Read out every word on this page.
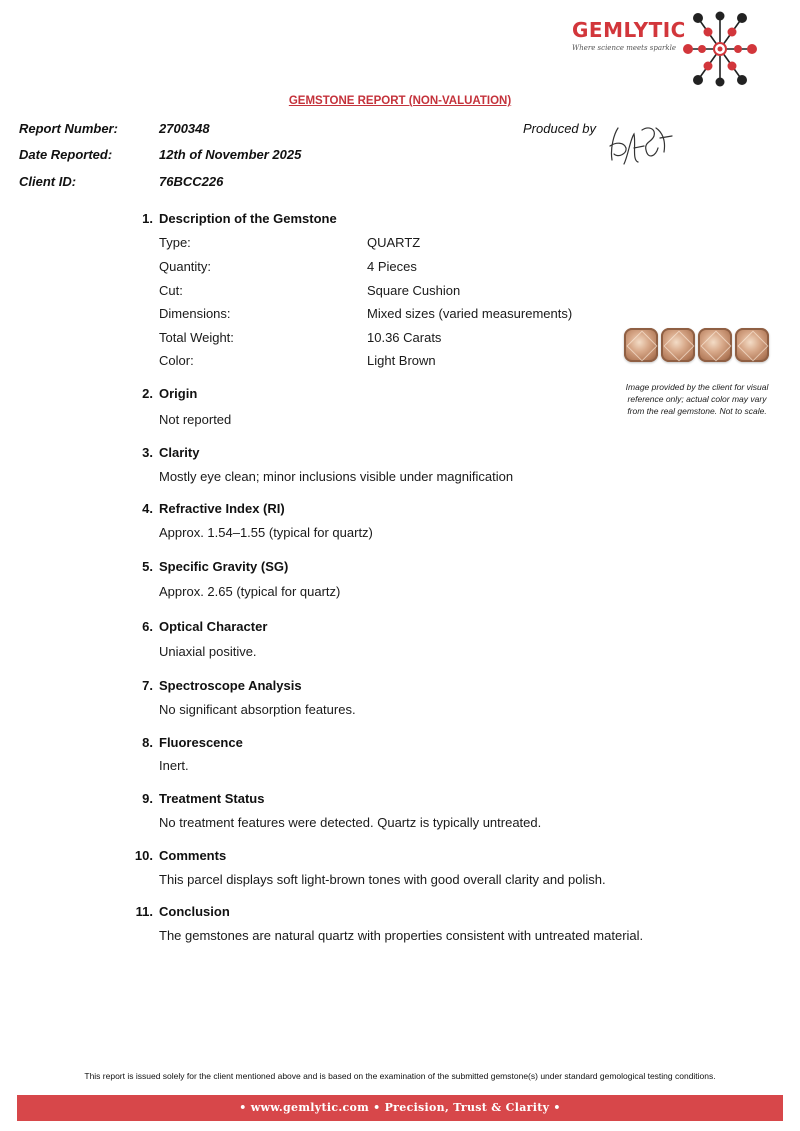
GEMLYTIC
Where science meets sparkle
GEMSTONE REPORT (NON-VALUATION)
Report Number:	2700348
Date Reported:	12th of November 2025
Client ID:	76BCC226
Produced by
1. Description of the Gemstone
Type:	QUARTZ
Quantity:	4 Pieces
Cut:	Square Cushion
Dimensions:	Mixed sizes (varied measurements)
Total Weight:	10.36 Carats
Color:	Light Brown
Image provided by the client for visual
reference only; actual color may vary
from the real gemstone. Not to scale.
2. Origin
Not reported
3. Clarity
Mostly eye clean; minor inclusions visible under magnification
4. Refractive Index (RI)
Approx. 1.54–1.55 (typical for quartz)
5. Specific Gravity (SG)
Approx. 2.65 (typical for quartz)
6. Optical Character
Uniaxial positive.
7. Spectroscope Analysis
No significant absorption features.
8. Fluorescence
Inert.
9. Treatment Status
No treatment features were detected. Quartz is typically untreated.
10. Comments
This parcel displays soft light-brown tones with good overall clarity and polish.
11. Conclusion
The gemstones are natural quartz with properties consistent with untreated material.
This report is issued solely for the client mentioned above and is based on the examination of the submitted gemstone(s) under standard gemological testing conditions.
• www.gemlytic.com • Precision, Trust & Clarity •
